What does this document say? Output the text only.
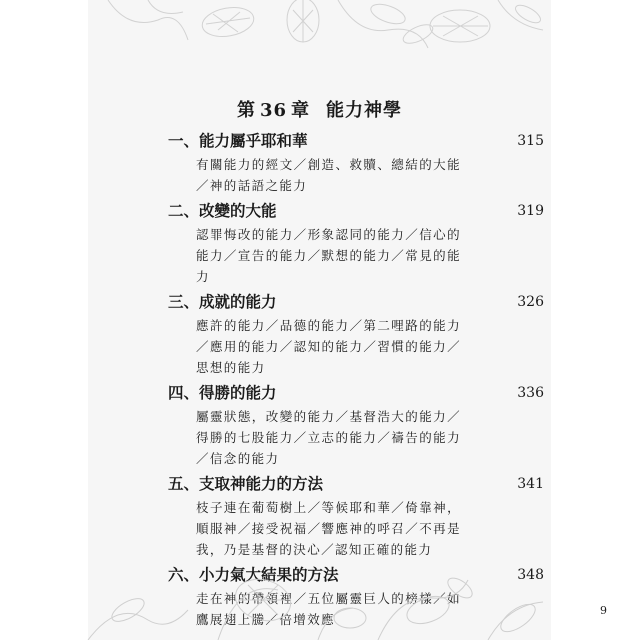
第 36 章 能力神學
一、能力屬乎耶和華	315
有關能力的經文／創造、救贖、總結的大能／神的話語之能力
二、改變的大能	319
認罪悔改的能力／形象認同的能力／信心的能力／宣告的能力／默想的能力／常見的能力
三、成就的能力	326
應許的能力／品德的能力／第二哩路的能力／應用的能力／認知的能力／習慣的能力／思想的能力
四、得勝的能力	336
屬靈狀態，改變的能力／基督浩大的能力／得勝的七股能力／立志的能力／禱告的能力／信念的能力
五、支取神能力的方法	341
枝子連在葡萄樹上／等候耶和華／倚靠神，順服神／接受祝福／響應神的呼召／不再是我，乃是基督的決心／認知正確的能力
六、小力氣大結果的方法	348
走在神的帶領裡／五位屬靈巨人的榜樣／如鷹展翅上騰／倍增效應
9
